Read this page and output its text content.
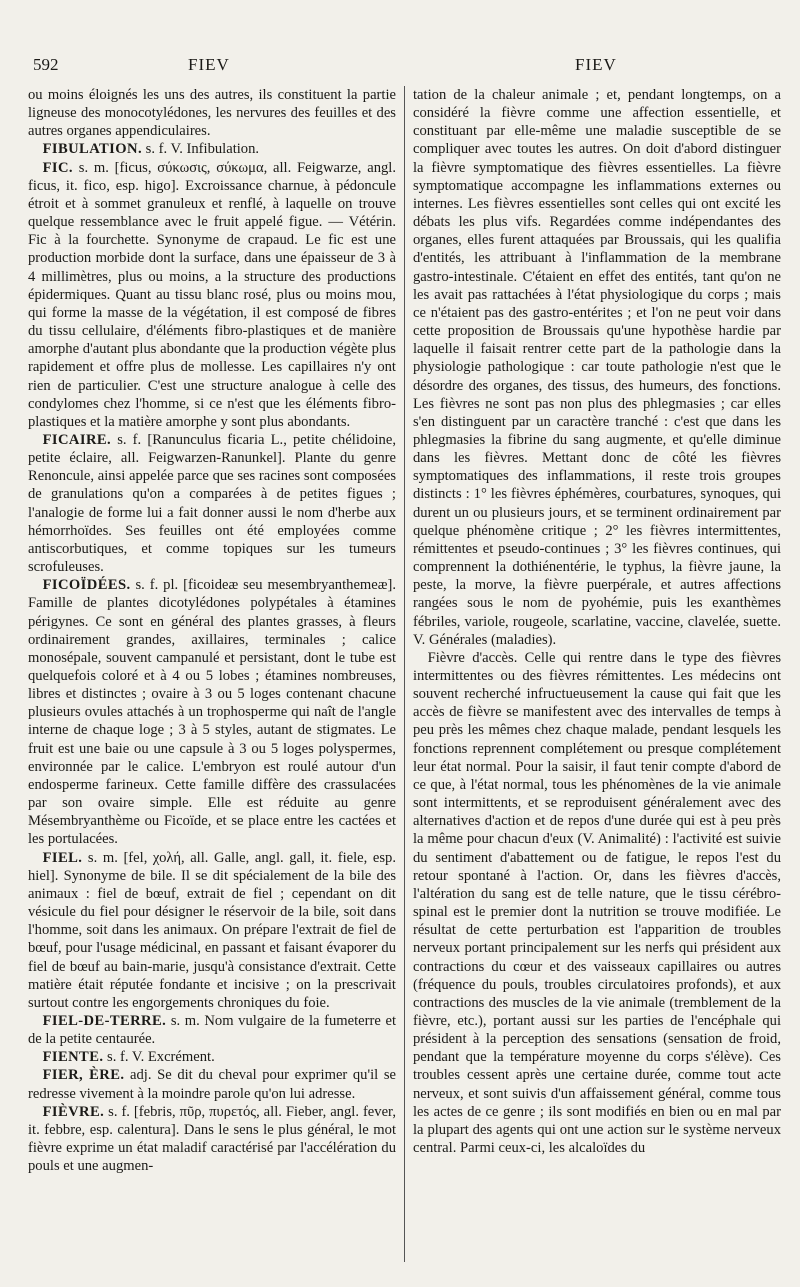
592	FIEV	FIEV

ou moins éloignés les uns des autres, ils constituent la partie ligneuse des monocotylédones, les nervures des feuilles et des autres organes appendiculaires.

 FIBULATION. s. f. V. Infibulation.

 FIC. s. m. [ficus, σύκωσις, σύκωμα, all. Feigwarze, angl. ficus, it. fico, esp. higo]. Excroissance charnue, à pédoncule étroit et à sommet granuleux et renflé, à laquelle on trouve quelque ressemblance avec le fruit appelé figue. — Vétérin. Fic à la fourchette. Synonyme de crapaud. Le fic est une production morbide dont la surface, dans une épaisseur de 3 à 4 millimètres, plus ou moins, a la structure des productions épidermiques. Quant au tissu blanc rosé, plus ou moins mou, qui forme la masse de la végétation, il est composé de fibres du tissu cellulaire, d'éléments fibro-plastiques et de manière amorphe d'autant plus abondante que la production végète plus rapidement et offre plus de mollesse. Les capillaires n'y ont rien de particulier. C'est une structure analogue à celle des condylomes chez l'homme, si ce n'est que les éléments fibro-plastiques et la matière amorphe y sont plus abondants.

 FICAIRE. s. f. [Ranunculus ficaria L., petite chélidoine, petite éclaire, all. Feigwarzen-Ranunkel]. Plante du genre Renoncule, ainsi appelée parce que ses racines sont composées de granulations qu'on a comparées à de petites figues ; l'analogie de forme lui a fait donner aussi le nom d'herbe aux hémorrhoïdes. Ses feuilles ont été employées comme antiscorbutiques, et comme topiques sur les tumeurs scrofuleuses.

 FICOÏDÉES. s. f. pl. [ficoideæ seu mesembryanthemeæ]. Famille de plantes dicotylédones polypétales à étamines périgynes. Ce sont en général des plantes grasses, à fleurs ordinairement grandes, axillaires, terminales ; calice monosépale, souvent campanulé et persistant, dont le tube est quelquefois coloré et à 4 ou 5 lobes ; étamines nombreuses, libres et distinctes ; ovaire à 3 ou 5 loges contenant chacune plusieurs ovules attachés à un trophosperme qui naît de l'angle interne de chaque loge ; 3 à 5 styles, autant de stigmates. Le fruit est une baie ou une capsule à 3 ou 5 loges polyspermes, environnée par le calice. L'embryon est roulé autour d'un endosperme farineux. Cette famille diffère des crassulacées par son ovaire simple. Elle est réduite au genre Mésembryanthème ou Ficoïde, et se place entre les cactées et les portulacées.

 FIEL. s. m. [fel, χολή, all. Galle, angl. gall, it. fiele, esp. hiel]. Synonyme de bile. Il se dit spécialement de la bile des animaux : fiel de bœuf, extrait de fiel ; cependant on dit vésicule du fiel pour désigner le réservoir de la bile, soit dans l'homme, soit dans les animaux. On prépare l'extrait de fiel de bœuf, pour l'usage médicinal, en passant et faisant évaporer du fiel de bœuf au bain-marie, jusqu'à consistance d'extrait. Cette matière était réputée fondante et incisive ; on la prescrivait surtout contre les engorgements chroniques du foie.

 FIEL-DE-TERRE. s. m. Nom vulgaire de la fumeterre et de la petite centaurée.

 FIENTE. s. f. V. Excrément.

 FIER, ÈRE. adj. Se dit du cheval pour exprimer qu'il se redresse vivement à la moindre parole qu'on lui adresse.

 FIÈVRE. s. f. [febris, πῦρ, πυρετός, all. Fieber, angl. fever, it. febbre, esp. calentura]. Dans le sens le plus général, le mot fièvre exprime un état maladif caractérisé par l'accélération du pouls et une augmen-

tation de la chaleur animale ; et, pendant longtemps, on a considéré la fièvre comme une affection essentielle, et constituant par elle-même une maladie susceptible de se compliquer avec toutes les autres. On doit d'abord distinguer la fièvre symptomatique des fièvres essentielles. La fièvre symptomatique accompagne les inflammations externes ou internes. Les fièvres essentielles sont celles qui ont excité les débats les plus vifs. Regardées comme indépendantes des organes, elles furent attaquées par Broussais, qui les qualifia d'entités, les attribuant à l'inflammation de la membrane gastro-intestinale. C'étaient en effet des entités, tant qu'on ne les avait pas rattachées à l'état physiologique du corps ; mais ce n'étaient pas des gastro-entérites ; et l'on ne peut voir dans cette proposition de Broussais qu'une hypothèse hardie par laquelle il faisait rentrer cette part de la pathologie dans la physiologie pathologique : car toute pathologie n'est que le désordre des organes, des tissus, des humeurs, des fonctions. Les fièvres ne sont pas non plus des phlegmasies ; car elles s'en distinguent par un caractère tranché : c'est que dans les phlegmasies la fibrine du sang augmente, et qu'elle diminue dans les fièvres. Mettant donc de côté les fièvres symptomatiques des inflammations, il reste trois groupes distincts : 1° les fièvres éphémères, courbatures, synoques, qui durent un ou plusieurs jours, et se terminent ordinairement par quelque phénomène critique ; 2° les fièvres intermittentes, rémittentes et pseudo-continues ; 3° les fièvres continues, qui comprennent la dothiénentérie, le typhus, la fièvre jaune, la peste, la morve, la fièvre puerpérale, et autres affections rangées sous le nom de pyohémie, puis les exanthèmes fébriles, variole, rougeole, scarlatine, vaccine, clavelée, suette. V. Générales (maladies).

 Fièvre d'accès. Celle qui rentre dans le type des fièvres intermittentes ou des fièvres rémittentes. Les médecins ont souvent recherché infructueusement la cause qui fait que les accès de fièvre se manifestent avec des intervalles de temps à peu près les mêmes chez chaque malade, pendant lesquels les fonctions reprennent complétement ou presque complétement leur état normal. Pour la saisir, il faut tenir compte d'abord de ce que, à l'état normal, tous les phénomènes de la vie animale sont intermittents, et se reproduisent généralement avec des alternatives d'action et de repos d'une durée qui est à peu près la même pour chacun d'eux (V. Animalité) : l'activité est suivie du sentiment d'abattement ou de fatigue, le repos l'est du retour spontané à l'action. Or, dans les fièvres d'accès, l'altération du sang est de telle nature, que le tissu cérébro-spinal est le premier dont la nutrition se trouve modifiée. Le résultat de cette perturbation est l'apparition de troubles nerveux portant principalement sur les nerfs qui président aux contractions du cœur et des vaisseaux capillaires ou autres (fréquence du pouls, troubles circulatoires profonds), et aux contractions des muscles de la vie animale (tremblement de la fièvre, etc.), portant aussi sur les parties de l'encéphale qui président à la perception des sensations (sensation de froid, pendant que la température moyenne du corps s'élève). Ces troubles cessent après une certaine durée, comme tout acte nerveux, et sont suivis d'un affaissement général, comme tous les actes de ce genre ; ils sont modifiés en bien ou en mal par la plupart des agents qui ont une action sur le système nerveux central. Parmi ceux-ci, les alcaloïdes du
